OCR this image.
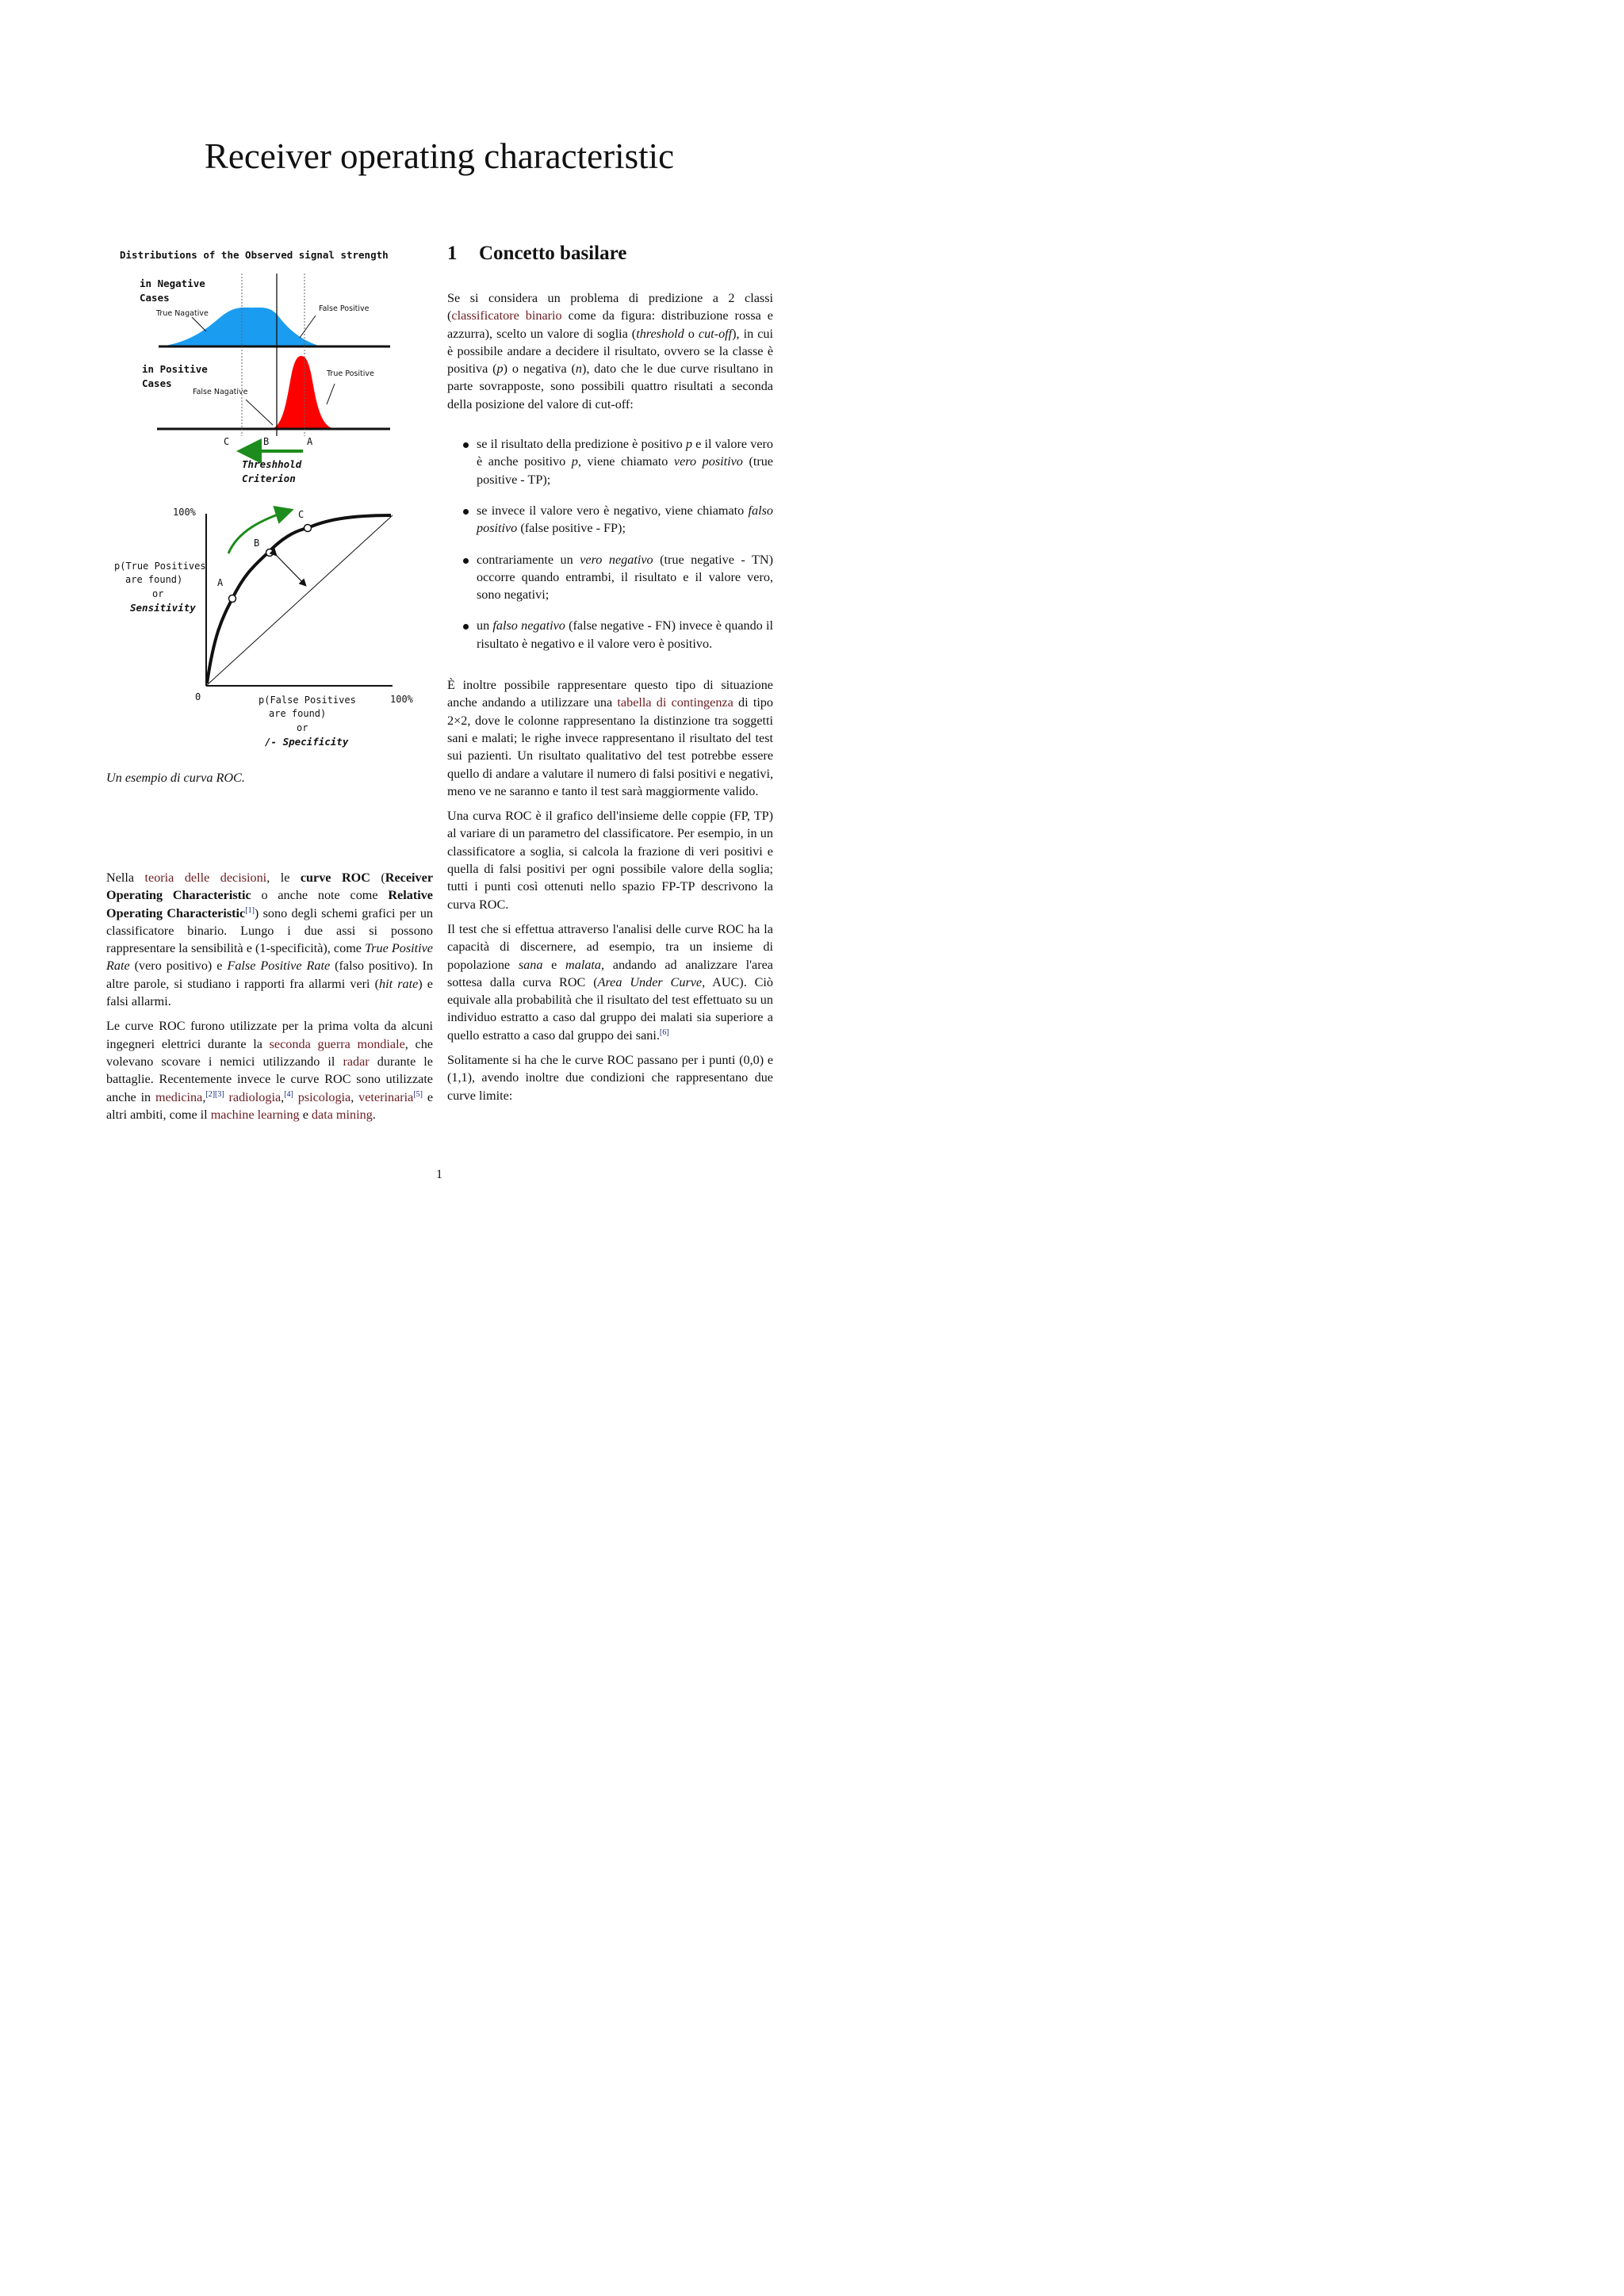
Receiver operating characteristic
Distributions of the Observed signal strength
in Negative
Cases
in Positive
Cases
True Nagative
False Positive
False Nagative
True Positive
C	B	A
Threshhold
Criterion
A
B
C
100%
p(True Positives
are found)
or
0	p(False Positives
are found)
or
100%
Sensitivity
/- Specificity
Un esempio di curva ROC.

Nella teoria delle decisioni, le curve ROC (Receiver Operating Characteristic o anche note come Relative Operating Characteristic[1]) sono degli schemi grafici per un classificatore binario. Lungo i due assi si possono rappresentare la sensibilità e (1-specificità), come True Positive Rate (vero positivo) e False Positive Rate (falso positivo). In altre parole, si studiano i rapporti fra allarmi veri (hit rate) e falsi allarmi.

Le curve ROC furono utilizzate per la prima volta da alcuni ingegneri elettrici durante la seconda guerra mondiale, che volevano scovare i nemici utilizzando il radar durante le battaglie. Recentemente invece le curve ROC sono utilizzate anche in medicina,[2][3] radiologia,[4] psicologia, veterinaria[5] e altri ambiti, come il machine learning e data mining.

1 Concetto basilare

Se si considera un problema di predizione a 2 classi (classificatore binario come da figura: distribuzione rossa e azzurra), scelto un valore di soglia (threshold o cut-off), in cui è possibile andare a decidere il risultato, ovvero se la classe è positiva (p) o negativa (n), dato che le due curve risultano in parte sovrapposte, sono possibili quattro risultati a seconda della posizione del valore di cut-off:

se il risultato della predizione è positivo p e il valore vero è anche positivo p, viene chiamato vero positivo (true positive - TP);
se invece il valore vero è negativo, viene chiamato falso positivo (false positive - FP);
contrariamente un vero negativo (true negative - TN) occorre quando entrambi, il risultato e il valore vero, sono negativi;
un falso negativo (false negative - FN) invece è quando il risultato è negativo e il valore vero è positivo.

È inoltre possibile rappresentare questo tipo di situazione anche andando a utilizzare una tabella di contingenza di tipo 2×2, dove le colonne rappresentano la distinzione tra soggetti sani e malati; le righe invece rappresentano il risultato del test sui pazienti. Un risultato qualitativo del test potrebbe essere quello di andare a valutare il numero di falsi positivi e negativi, meno ve ne saranno e tanto il test sarà maggiormente valido.

Una curva ROC è il grafico dell'insieme delle coppie (FP, TP) al variare di un parametro del classificatore. Per esempio, in un classificatore a soglia, si calcola la frazione di veri positivi e quella di falsi positivi per ogni possibile valore della soglia; tutti i punti così ottenuti nello spazio FP-TP descrivono la curva ROC.

Il test che si effettua attraverso l'analisi delle curve ROC ha la capacità di discernere, ad esempio, tra un insieme di popolazione sana e malata, andando ad analizzare l'area sottesa dalla curva ROC (Area Under Curve, AUC). Ciò equivale alla probabilità che il risultato del test effettuato su un individuo estratto a caso dal gruppo dei malati sia superiore a quello estratto a caso dal gruppo dei sani.[6]

Solitamente si ha che le curve ROC passano per i punti (0,0) e (1,1), avendo inoltre due condizioni che rappresentano due curve limite:

1
